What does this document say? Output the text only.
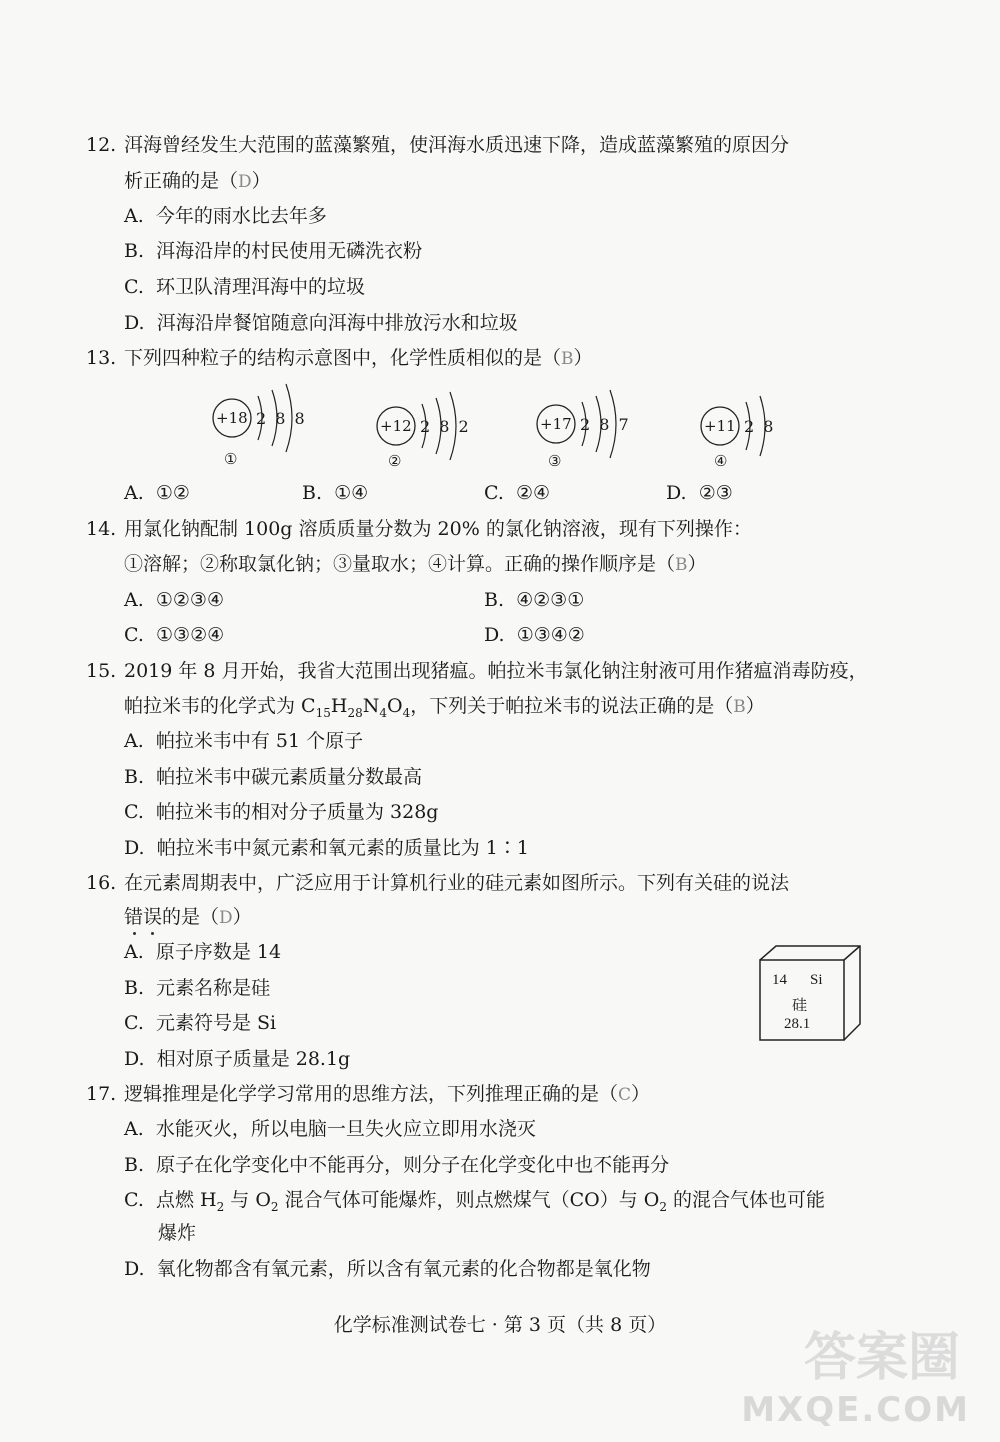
12. 洱海曾经发生大范围的蓝藻繁殖，使洱海水质迅速下降，造成蓝藻繁殖的原因分
析正确的是（D）
A. 今年的雨水比去年多
B. 洱海沿岸的村民使用无磷洗衣粉
C. 环卫队清理洱海中的垃圾
D. 洱海沿岸餐馆随意向洱海中排放污水和垃圾
13. 下列四种粒子的结构示意图中，化学性质相似的是（B）
+18 2 8 8
①
+12 2 8 2
②
+17 2 8 7
③
+11 2 8
④
A. ①②	B. ①④	C. ②④	D. ②③
14. 用氯化钠配制 100g 溶质质量分数为 20% 的氯化钠溶液，现有下列操作：
①溶解；②称取氯化钠；③量取水；④计算。正确的操作顺序是（B）
A. ①②③④	B. ④②③①
C. ①③②④	D. ①③④②
15. 2019 年 8 月开始，我省大范围出现猪瘟。帕拉米韦氯化钠注射液可用作猪瘟消毒防疫，
帕拉米韦的化学式为 $C_{15}H_{28}N_4O_4$，下列关于帕拉米韦的说法正确的是（B）
A. 帕拉米韦中有 51 个原子
B. 帕拉米韦中碳元素质量分数最高
C. 帕拉米韦的相对分子质量为 328g
D. 帕拉米韦中氮元素和氧元素的质量比为 1∶1
16. 在元素周期表中，广泛应用于计算机行业的硅元素如图所示。下列有关硅的说法
错误的是（D）
A. 原子序数是 14
B. 元素名称是硅
C. 元素符号是 Si
D. 相对原子质量是 28.1g
14 Si
硅
28.1
17. 逻辑推理是化学学习常用的思维方法，下列推理正确的是（C）
A. 水能灭火，所以电脑一旦失火应立即用水浇灭
B. 原子在化学变化中不能再分，则分子在化学变化中也不能再分
C. 点燃 $H_2$ 与 $O_2$ 混合气体可能爆炸，则点燃煤气（CO）与 $O_2$ 的混合气体也可能
爆炸
D. 氧化物都含有氧元素，所以含有氧元素的化合物都是氧化物
化学标准测试卷七 · 第 3 页（共 8 页）
答案圈
MXQE.COM
